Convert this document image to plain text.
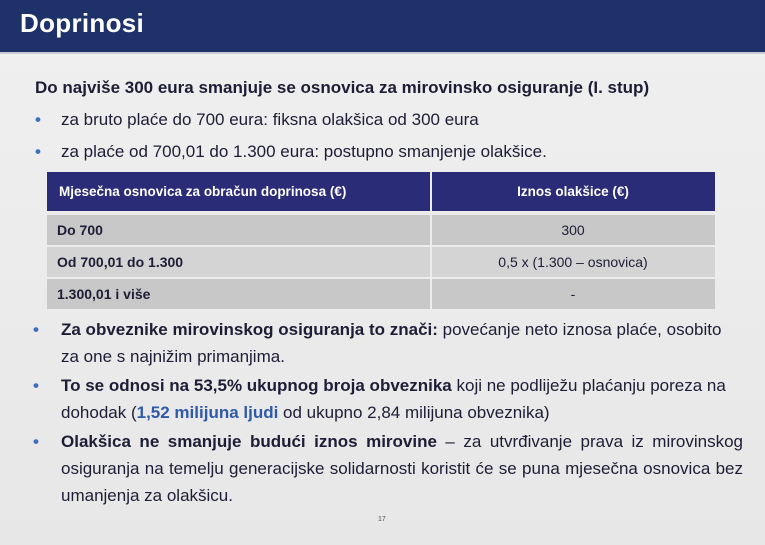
Doprinosi
Do najviše 300 eura smanjuje se osnovica za mirovinsko osiguranje (I. stup)
• za bruto plaće do 700 eura: fiksna olakšica od 300 eura
• za plaće od 700,01 do 1.300 eura: postupno smanjenje olakšice.
Mjesečna osnovica za obračun doprinosa (€)	Iznos olakšice (€)
Do 700	300
Od 700,01 do 1.300	0,5 x (1.300 – osnovica)
1.300,01 i više	-
•	Za obveznike mirovinskog osiguranja to znači: povećanje neto iznosa plaće, osobito za one s najnižim primanjima.
•	To se odnosi na 53,5% ukupnog broja obveznika koji ne podliježu plaćanju poreza na dohodak (1,52 milijuna ljudi od ukupno 2,84 milijuna obveznika)
•	Olakšica ne smanjuje budući iznos mirovine – za utvrđivanje prava iz mirovinskog osiguranja na temelju generacijske solidarnosti koristit će se puna mjesečna osnovica bez umanjenja za olakšicu.
17
